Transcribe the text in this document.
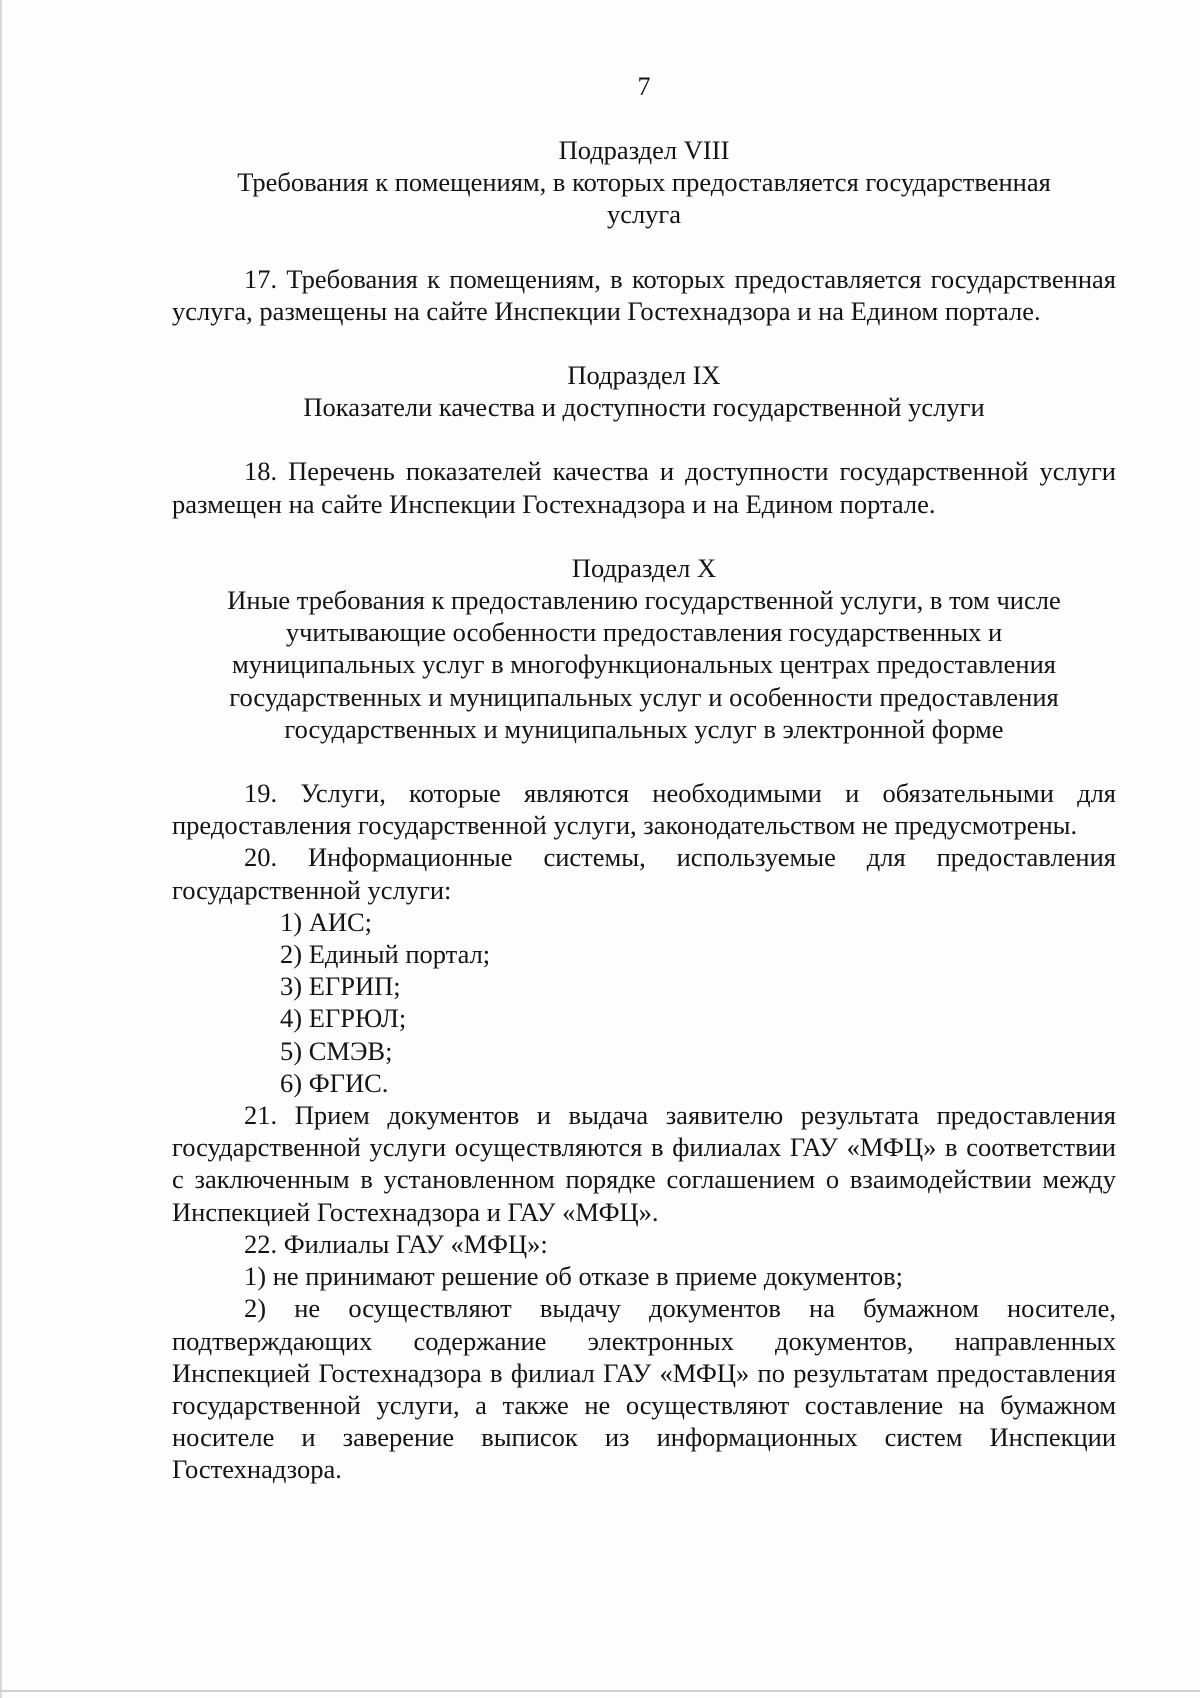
7

Подраздел VIII

Требования к помещениям, в которых предоставляется государственная

услуга

17. Требования к помещениям, в которых предоставляется государственная услуга, размещены на сайте Инспекции Гостехнадзора и на Едином портале.

Подраздел IX

Показатели качества и доступности государственной услуги

18. Перечень показателей качества и доступности государственной услуги размещен на сайте Инспекции Гостехнадзора и на Едином портале.

Подраздел X

Иные требования к предоставлению государственной услуги, в том числе

учитывающие особенности предоставления государственных и

муниципальных услуг в многофункциональных центрах предоставления

государственных и муниципальных услуг и особенности предоставления

государственных и муниципальных услуг в электронной форме

19. Услуги, которые являются необходимыми и обязательными для предоставления государственной услуги, законодательством не предусмотрены.

20. Информационные системы, используемые для предоставления государственной услуги:

1) АИС;

2) Единый портал;

3) ЕГРИП;

4) ЕГРЮЛ;

5) СМЭВ;

6) ФГИС.

21. Прием документов и выдача заявителю результата предоставления государственной услуги осуществляются в филиалах ГАУ «МФЦ» в соответствии с заключенным в установленном порядке соглашением о взаимодействии между Инспекцией Гостехнадзора и ГАУ «МФЦ».

22. Филиалы ГАУ «МФЦ»:

1) не принимают решение об отказе в приеме документов;

2) не осуществляют выдачу документов на бумажном носителе, подтверждающих содержание электронных документов, направленных Инспекцией Гостехнадзора в филиал ГАУ «МФЦ» по результатам предоставления государственной услуги, а также не осуществляют составление на бумажном носителе и заверение выписок из информационных систем Инспекции Гостехнадзора.
